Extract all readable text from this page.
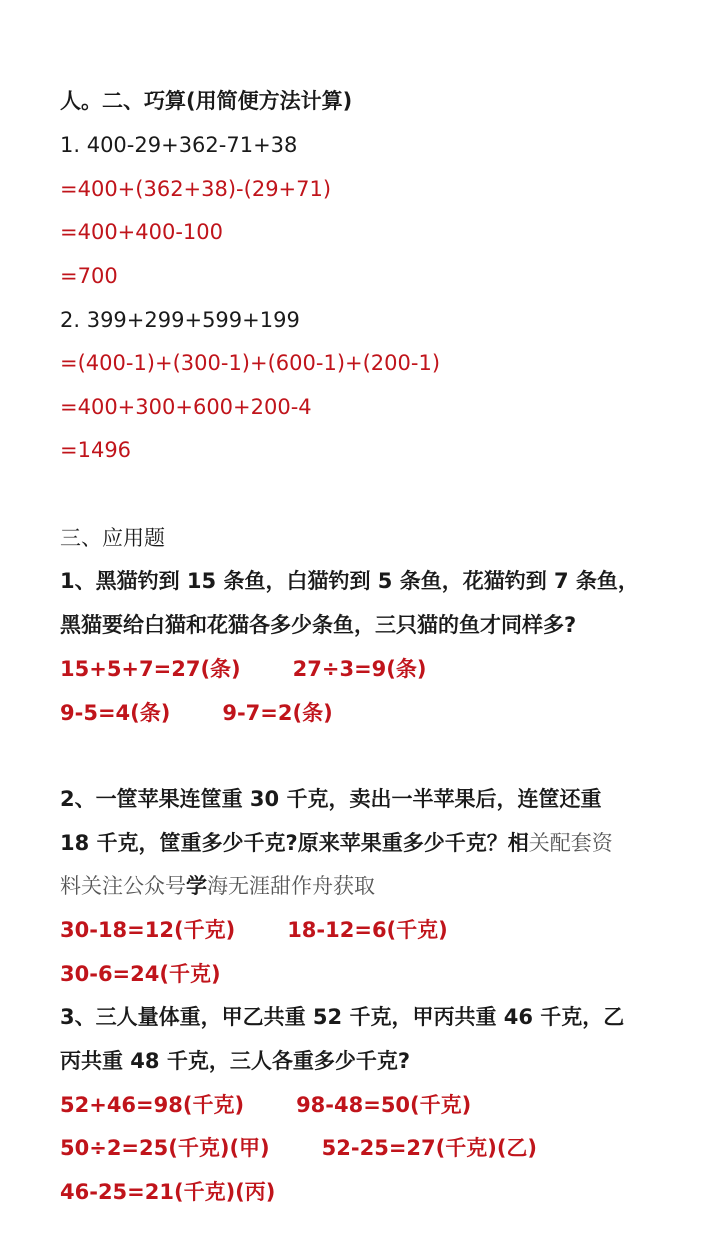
人。二、巧算(用简便方法计算)
1. 400-29+362-71+38
=400+(362+38)-(29+71)
=400+400-100
=700
2. 399+299+599+199
=(400-1)+(300-1)+(600-1)+(200-1)
=400+300+600+200-4
=1496
三、应用题
1、黑猫钓到 15 条鱼，白猫钓到 5 条鱼，花猫钓到 7 条鱼，
黑猫要给白猫和花猫各多少条鱼，三只猫的鱼才同样多?
15+5+7=27(条) 27÷3=9(条)
9-5=4(条) 9-7=2(条)
2、一筐苹果连筐重 30 千克，卖出一半苹果后，连筐还重
18 千克，筐重多少千克?原来苹果重多少千克？相关配套资
料关注公众号学海无涯甜作舟获取
30-18=12(千克) 18-12=6(千克)
30-6=24(千克)
3、三人量体重，甲乙共重 52 千克，甲丙共重 46 千克，乙
丙共重 48 千克，三人各重多少千克?
52+46=98(千克) 98-48=50(千克)
50÷2=25(千克)(甲) 52-25=27(千克)(乙)
46-25=21(千克)(丙)
